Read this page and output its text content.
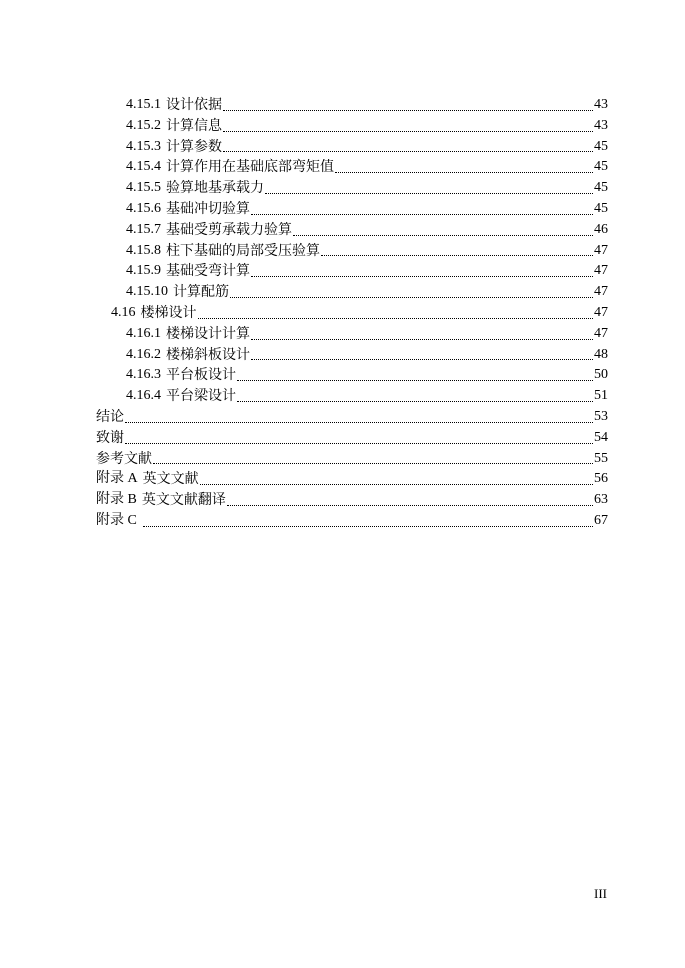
4.15.1 设计依据	43
4.15.2 计算信息	43
4.15.3 计算参数	45
4.15.4 计算作用在基础底部弯矩值	45
4.15.5 验算地基承载力	45
4.15.6 基础冲切验算	45
4.15.7 基础受剪承载力验算	46
4.15.8 柱下基础的局部受压验算	47
4.15.9 基础受弯计算	47
4.15.10 计算配筋	47
4.16 楼梯设计	47
4.16.1 楼梯设计计算	47
4.16.2 楼梯斜板设计	48
4.16.3 平台板设计	50
4.16.4 平台梁设计	51
结论	53
致谢	54
参考文献	55
附录 A 英文文献	56
附录 B 英文文献翻译	63
附录 C	67
III
